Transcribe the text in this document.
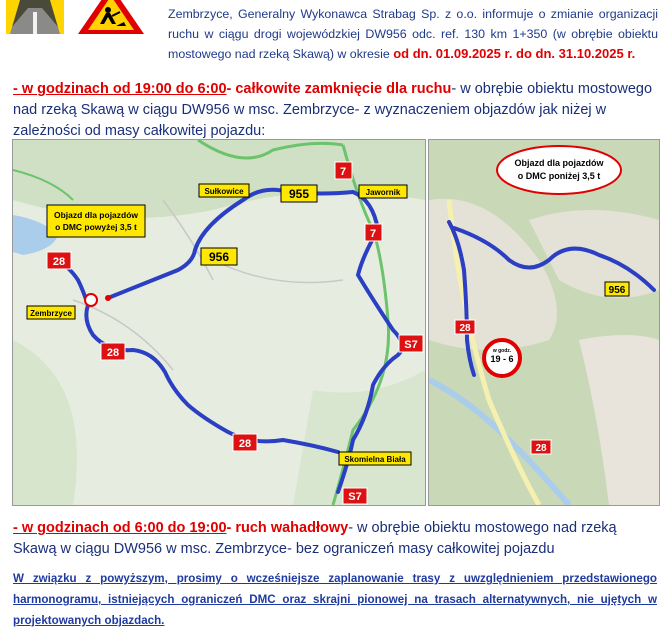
Zembrzyce, Generalny Wykonawca Strabag Sp. z o.o. informuje o zmianie organizacji ruchu w ciągu drogi wojewódzkiej DW956 odc. ref. 130 km 1+350 (w obrębie obiektu mostowego nad rzeką Skawą) w okresie od dn. 01.09.2025 r. do dn. 31.10.2025 r.
- w godzinach od 19:00 do 6:00- całkowite zamknięcie dla ruchu- w obrębie obiektu mostowego nad rzeką Skawą w ciągu DW956 w msc. Zembrzyce- z wyznaczeniem objazdów jak niżej w zależności od masy całkowitej pojazdu:
Objazd dla pojazdów
o DMC powyżej 3,5 t
955
956
7
7
28
28
28
S7
S7
Sułkowice	Jawornik
Zembrzyce
Skomielna Biała
Objazd dla pojazdów
o DMC poniżej 3,5 t
956
28
28
w godz.
19 - 6
- w godzinach od 6:00 do 19:00- ruch wahadłowy- w obrębie obiektu mostowego nad rzeką Skawą w ciągu DW956 w msc. Zembrzyce- bez ograniczeń masy całkowitej pojazdu
W związku z powyższym, prosimy o wcześniejsze zaplanowanie trasy z uwzględnieniem przedstawionego harmonogramu, istniejących ograniczeń DMC oraz skrajni pionowej na trasach alternatywnych, nie ujętych w projektowanych objazdach.
